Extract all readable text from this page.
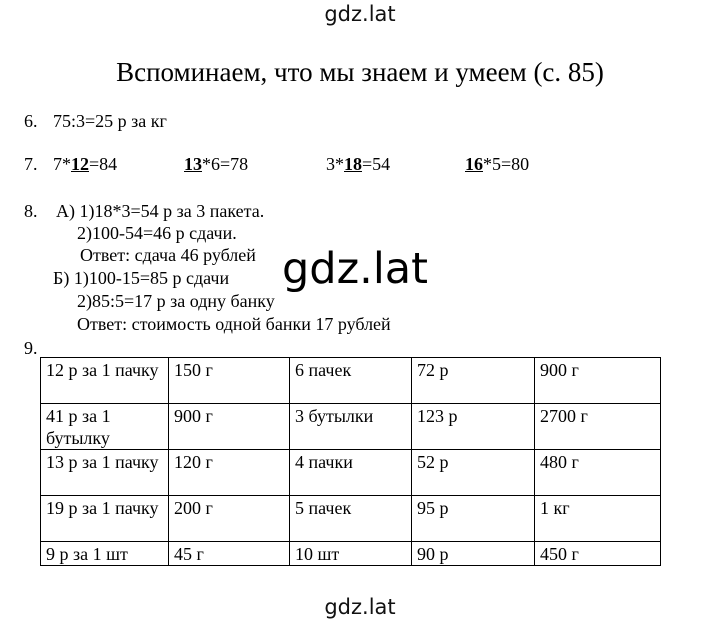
gdz.lat
Вспоминаем, что мы знаем и умеем (с. 85)
6. 75:3=25 р за кг
7. 7*12=84	13*6=78	3*18=54	16*5=80
8. А) 1)18*3=54 р за 3 пакета.
2)100-54=46 р сдачи.
Ответ: сдача 46 рублей
Б) 1)100-15=85 р сдачи
2)85:5=17 р за одну банку
Ответ: стоимость одной банки 17 рублей
gdz.lat
9.
12 р за 1 пачку	150 г	6 пачек	72 р	900 г
41 р за 1 бутылку	900 г	3 бутылки	123 р	2700 г
13 р за 1 пачку	120 г	4 пачки	52 р	480 г
19 р за 1 пачку	200 г	5 пачек	95 р	1 кг
9 р за 1 шт	45 г	10 шт	90 р	450 г
gdz.lat
